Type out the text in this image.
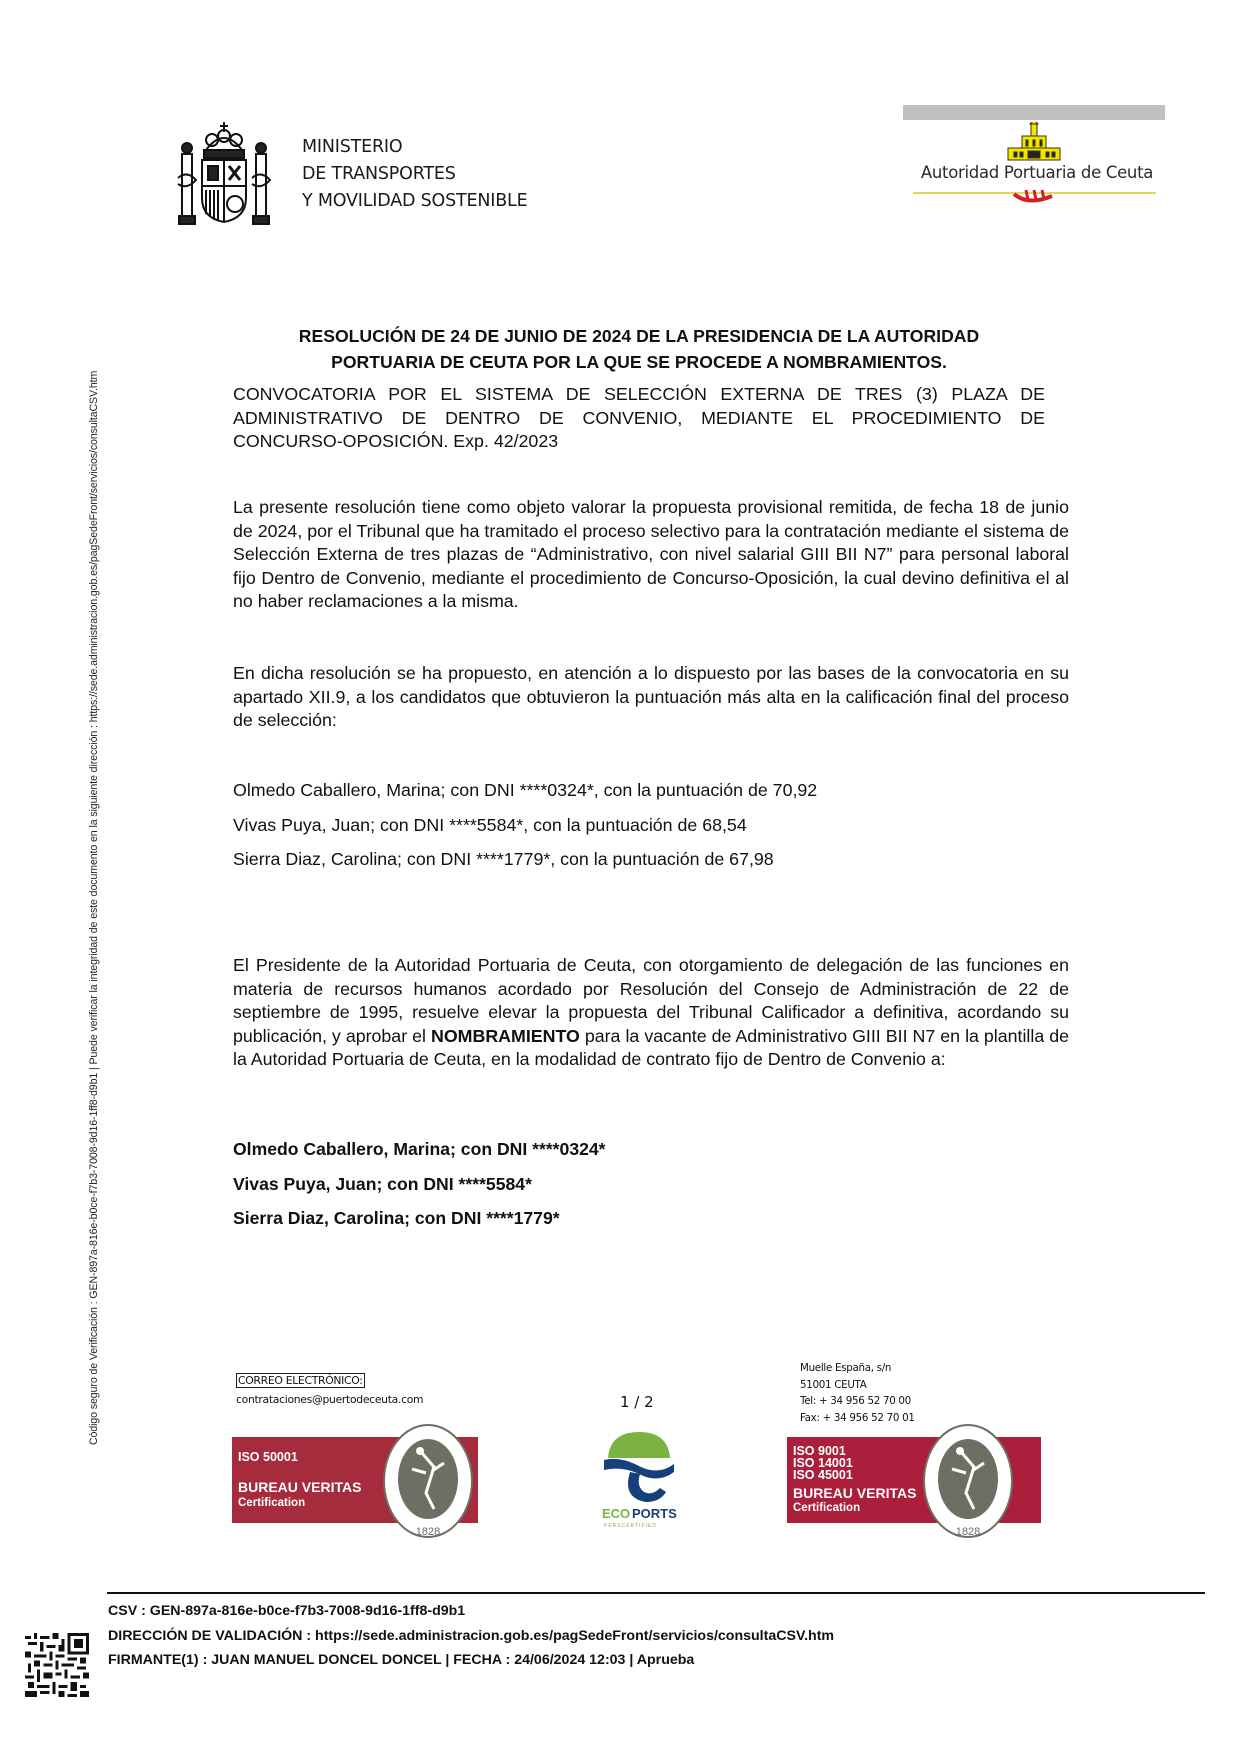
MINISTERIO
DE TRANSPORTES
Y MOVILIDAD SOSTENIBLE
Autoridad Portuaria de Ceuta
Código seguro de Verificación : GEN-897a-816e-b0ce-f7b3-7008-9d16-1ff8-d9b1 | Puede verificar la integridad de este documento en la siguiente dirección : https://sede.administracion.gob.es/pagSedeFront/servicios/consultaCSV.htm
RESOLUCIÓN DE 24 DE JUNIO DE 2024 DE LA PRESIDENCIA DE LA AUTORIDAD
PORTUARIA DE CEUTA POR LA QUE SE PROCEDE A NOMBRAMIENTOS.
CONVOCATORIA POR EL SISTEMA DE SELECCIÓN EXTERNA DE TRES (3) PLAZA DE ADMINISTRATIVO DE DENTRO DE CONVENIO, MEDIANTE EL PROCEDIMIENTO DE CONCURSO-OPOSICIÓN. Exp. 42/2023
La presente resolución tiene como objeto valorar la propuesta provisional remitida, de fecha 18 de junio de 2024, por el Tribunal que ha tramitado el proceso selectivo para la contratación mediante el sistema de Selección Externa de tres plazas de “Administrativo, con nivel salarial GIII BII N7” para personal laboral fijo Dentro de Convenio, mediante el procedimiento de Concurso-Oposición, la cual devino definitiva el al no haber reclamaciones a la misma.
En dicha resolución se ha propuesto, en atención a lo dispuesto por las bases de la convocatoria en su apartado XII.9, a los candidatos que obtuvieron la puntuación más alta en la calificación final del proceso de selección:
Olmedo Caballero, Marina; con DNI ****0324*, con la puntuación de 70,92
Vivas Puya, Juan; con DNI ****5584*, con la puntuación de 68,54
Sierra Diaz, Carolina; con DNI ****1779*, con la puntuación de 67,98
El Presidente de la Autoridad Portuaria de Ceuta, con otorgamiento de delegación de las funciones en materia de recursos humanos acordado por Resolución del Consejo de Administración de 22 de septiembre de 1995, resuelve elevar la propuesta del Tribunal Calificador a definitiva, acordando su publicación, y aprobar el NOMBRAMIENTO para la vacante de Administrativo GIII BII N7 en la plantilla de la Autoridad Portuaria de Ceuta, en la modalidad de contrato fijo de Dentro de Convenio a:
Olmedo Caballero, Marina; con DNI ****0324*
Vivas Puya, Juan; con DNI ****5584*
Sierra Diaz, Carolina; con DNI ****1779*
CORREO ELECTRÓNICO:
contrataciones@puertodeceuta.com	1 / 2
Muelle España, s/n
51001 CEUTA
Tel: + 34 956 52 70 00
Fax: + 34 956 52 70 01
ISO 50001
BUREAU VERITAS
Certification
1828
ECO PORTS
PERSCERTIFIED
ISO 9001
ISO 14001
ISO 45001
BUREAU VERITAS
Certification
1828
CSV : GEN-897a-816e-b0ce-f7b3-7008-9d16-1ff8-d9b1
DIRECCIÓN DE VALIDACIÓN : https://sede.administracion.gob.es/pagSedeFront/servicios/consultaCSV.htm
FIRMANTE(1) : JUAN MANUEL DONCEL DONCEL | FECHA : 24/06/2024 12:03 | Aprueba
